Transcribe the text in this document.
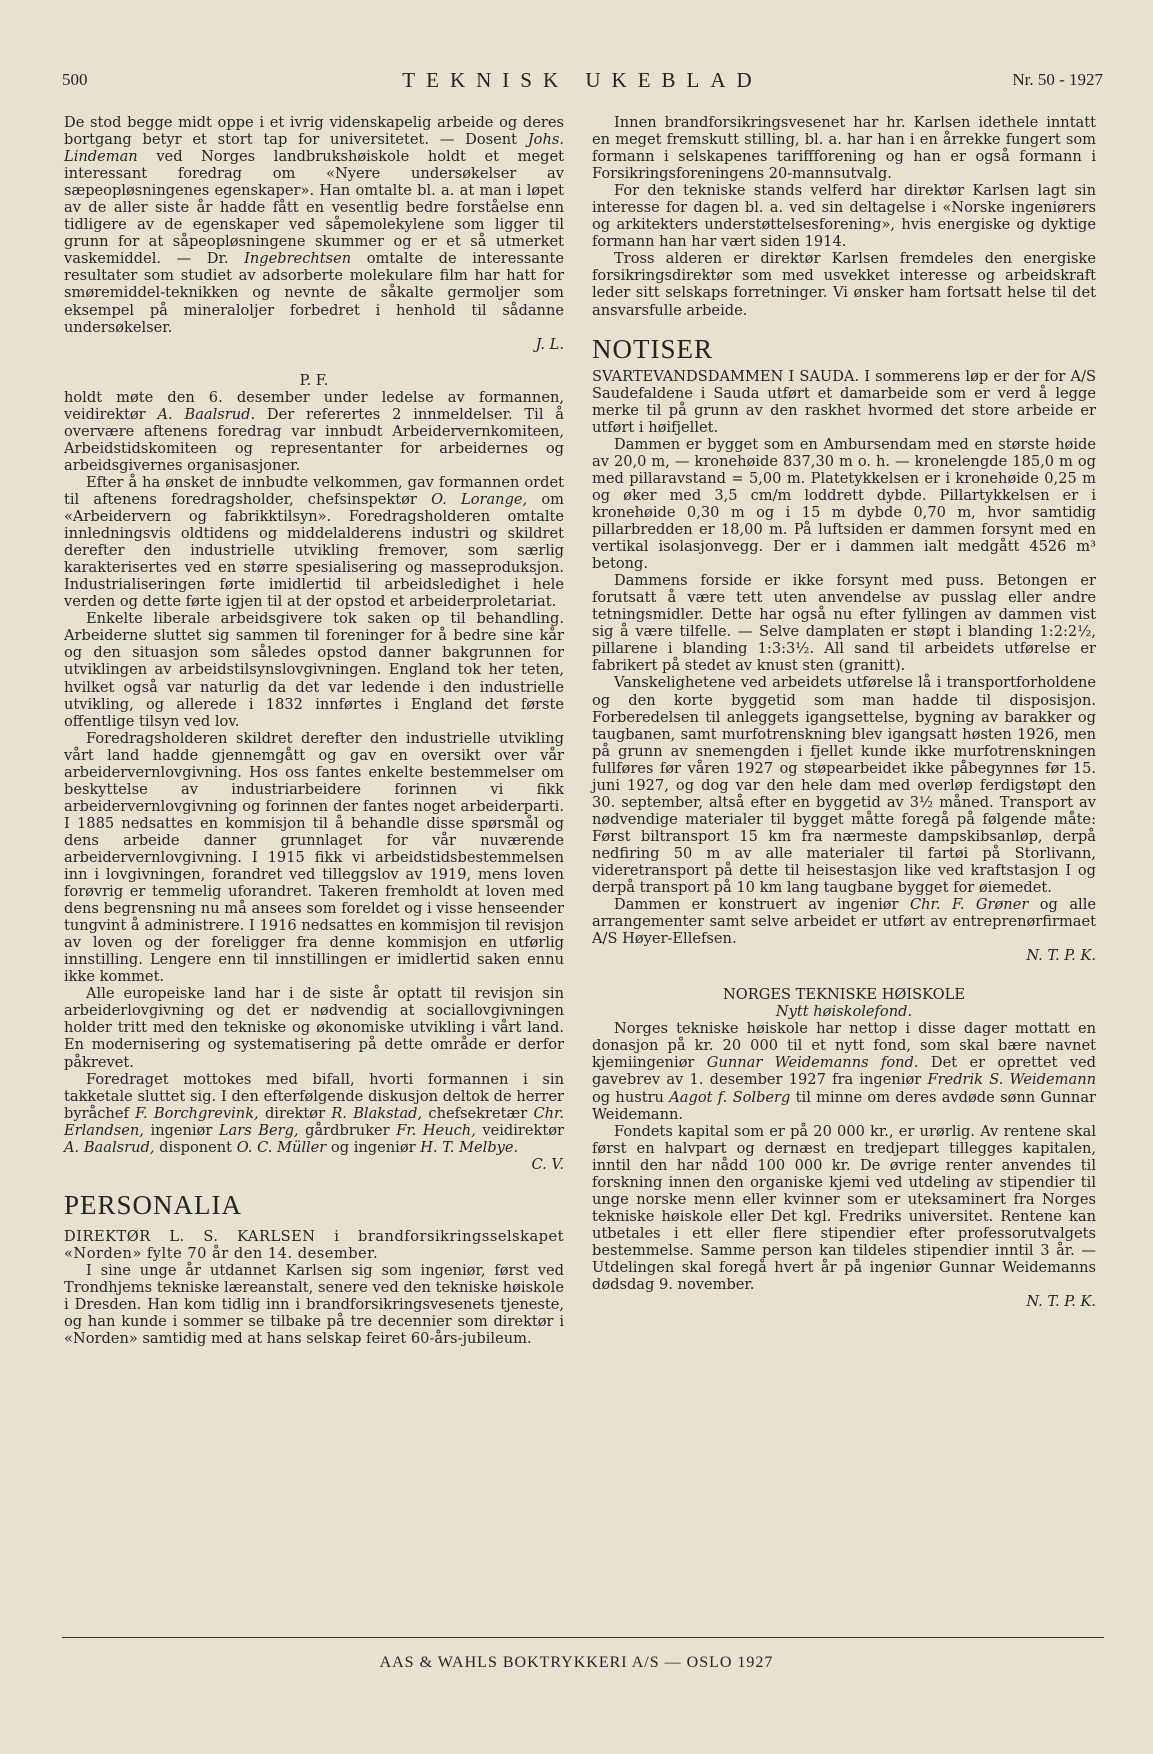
500	TEKNISK UKEBLAD	Nr. 50 - 1927

De stod begge midt oppe i et ivrig videnskapelig arbeide og deres bortgang betyr et stort tap for universitetet. — Dosent Johs. Lindeman ved Norges landbrukshøiskole holdt et meget interessant foredrag om «Nyere undersøkelser av sæpeopløsningenes egenskaper». Han omtalte bl. a. at man i løpet av de aller siste år hadde fått en vesentlig bedre forståelse enn tidligere av de egenskaper ved såpemolekylene som ligger til grunn for at såpeopløsningene skummer og er et så utmerket vaskemiddel. — Dr. Ingebrechtsen omtalte de interessante resultater som studiet av adsorberte molekulare film har hatt for smøremiddel-teknikken og nevnte de såkalte germoljer som eksempel på mineraloljer forbedret i henhold til sådanne undersøkelser.
J. L.

P. F.

holdt møte den 6. desember under ledelse av formannen, veidirektør A. Baalsrud. Der referertes 2 innmeldelser. Til å overvære aftenens foredrag var innbudt Arbeidervernkomiteen, Arbeidstidskomiteen og representanter for arbeidernes og arbeidsgivernes organisasjoner.

Efter å ha ønsket de innbudte velkommen, gav formannen ordet til aftenens foredragsholder, chefsinspektør O. Lorange, om «Arbeidervern og fabrikktilsyn». Foredragsholderen omtalte innledningsvis oldtidens og middelalderens industri og skildret derefter den industrielle utvikling fremover, som særlig karakterisertes ved en større spesialisering og masseproduksjon. Industrialiseringen førte imidlertid til arbeidsledighet i hele verden og dette førte igjen til at der opstod et arbeiderproletariat.

Enkelte liberale arbeidsgivere tok saken op til behandling. Arbeiderne sluttet sig sammen til foreninger for å bedre sine kår og den situasjon som således opstod danner bakgrunnen for utviklingen av arbeidstilsynslovgivningen. England tok her teten, hvilket også var naturlig da det var ledende i den industrielle utvikling, og allerede i 1832 innførtes i England det første offentlige tilsyn ved lov.

Foredragsholderen skildret derefter den industrielle utvikling vårt land hadde gjennemgått og gav en oversikt over vår arbeidervernlovgivning. Hos oss fantes enkelte bestemmelser om beskyttelse av industriarbeidere forinnen vi fikk arbeidervernlovgivning og forinnen der fantes noget arbeiderparti. I 1885 nedsattes en kommisjon til å behandle disse spørsmål og dens arbeide danner grunnlaget for vår nuværende arbeidervernlovgivning. I 1915 fikk vi arbeidstidsbestemmelsen inn i lovgivningen, forandret ved tilleggslov av 1919, mens loven forøvrig er temmelig uforandret. Takeren fremholdt at loven med dens begrensning nu må ansees som foreldet og i visse henseender tungvint å administrere. I 1916 nedsattes en kommisjon til revisjon av loven og der foreligger fra denne kommisjon en utførlig innstilling. Lengere enn til innstillingen er imidlertid saken ennu ikke kommet.

Alle europeiske land har i de siste år optatt til revisjon sin arbeiderlovgivning og det er nødvendig at sociallovgivningen holder tritt med den tekniske og økonomiske utvikling i vårt land. En modernisering og systematisering på dette område er derfor påkrevet.

Foredraget mottokes med bifall, hvorti formannen i sin takketale sluttet sig. I den efterfølgende diskusjon deltok de herrer byråchef F. Borchgrevink, direktør R. Blakstad, chefsekretær Chr. Erlandsen, ingeniør Lars Berg, gårdbruker Fr. Heuch, veidirektør A. Baalsrud, disponent O. C. Müller og ingeniør H. T. Melbye.
C. V.

PERSONALIA

DIREKTØR L. S. KARLSEN i brandforsikringsselskapet «Norden» fylte 70 år den 14. desember.

I sine unge år utdannet Karlsen sig som ingeniør, først ved Trondhjems tekniske læreanstalt, senere ved den tekniske høiskole i Dresden. Han kom tidlig inn i brandforsikringsvesenets tjeneste, og han kunde i sommer se tilbake på tre decennier som direktør i «Norden» samtidig med at hans selskap feiret 60-års-jubileum.

Innen brandforsikringsvesenet har hr. Karlsen idethele inntatt en meget fremskutt stilling, bl. a. har han i en årrekke fungert som formann i selskapenes tariffforening og han er også formann i Forsikringsforeningens 20-mannsutvalg.

For den tekniske stands velferd har direktør Karlsen lagt sin interesse for dagen bl. a. ved sin deltagelse i «Norske ingeniørers og arkitekters understøttelsesforening», hvis energiske og dyktige formann han har vært siden 1914.

Tross alderen er direktør Karlsen fremdeles den energiske forsikringsdirektør som med usvekket interesse og arbeidskraft leder sitt selskaps forretninger. Vi ønsker ham fortsatt helse til det ansvarsfulle arbeide.

NOTISER

SVARTEVANDSDAMMEN I SAUDA. I sommerens løp er der for A/S Saudefaldene i Sauda utført et damarbeide som er verd å legge merke til på grunn av den raskhet hvormed det store arbeide er utført i høifjellet.

Dammen er bygget som en Ambursendam med en største høide av 20,0 m, — kronehøide 837,30 m o. h. — kronelengde 185,0 m og med pillaravstand = 5,00 m. Platetykkelsen er i kronehøide 0,25 m og øker med 3,5 cm/m loddrett dybde. Pillartykkelsen er i kronehøide 0,30 m og i 15 m dybde 0,70 m, hvor samtidig pillarbredden er 18,00 m. På luftsiden er dammen forsynt med en vertikal isolasjonvegg. Der er i dammen ialt medgått 4526 m³ betong.

Dammens forside er ikke forsynt med puss. Betongen er forutsatt å være tett uten anvendelse av pusslag eller andre tetningsmidler. Dette har også nu efter fyllingen av dammen vist sig å være tilfelle. — Selve damplaten er støpt i blanding 1:2:2½, pillarene i blanding 1:3:3½. All sand til arbeidets utførelse er fabrikert på stedet av knust sten (granitt).

Vanskelighetene ved arbeidets utførelse lå i transportforholdene og den korte byggetid som man hadde til disposisjon. Forberedelsen til anleggets igangsettelse, bygning av barakker og taugbanen, samt murfotrenskning blev igangsatt høsten 1926, men på grunn av snemengden i fjellet kunde ikke murfotrenskningen fullføres før våren 1927 og støpearbeidet ikke påbegynnes før 15. juni 1927, og dog var den hele dam med overløp ferdigstøpt den 30. september, altså efter en byggetid av 3½ måned. Transport av nødvendige materialer til bygget måtte foregå på følgende måte: Først biltransport 15 km fra nærmeste dampskibsanløp, derpå nedfiring 50 m av alle materialer til fartøi på Storlivann, videretransport på dette til heisestasjon like ved kraftstasjon I og derpå transport på 10 km lang taugbane bygget for øiemedet.

Dammen er konstruert av ingeniør Chr. F. Grøner og alle arrangementer samt selve arbeidet er utført av entreprenørfirmaet A/S Høyer-Ellefsen.
N. T. P. K.

NORGES TEKNISKE HØISKOLE

Nytt høiskolefond.

Norges tekniske høiskole har nettop i disse dager mottatt en donasjon på kr. 20 000 til et nytt fond, som skal bære navnet kjemiingeniør Gunnar Weidemanns fond. Det er oprettet ved gavebrev av 1. desember 1927 fra ingeniør Fredrik S. Weidemann og hustru Aagot f. Solberg til minne om deres avdøde sønn Gunnar Weidemann.

Fondets kapital som er på 20 000 kr., er urørlig. Av rentene skal først en halvpart og dernæst en tredjepart tillegges kapitalen, inntil den har nådd 100 000 kr. De øvrige renter anvendes til forskning innen den organiske kjemi ved utdeling av stipendier til unge norske menn eller kvinner som er uteksaminert fra Norges tekniske høiskole eller Det kgl. Fredriks universitet. Rentene kan utbetales i ett eller flere stipendier efter professorutvalgets bestemmelse. Samme person kan tildeles stipendier inntil 3 år. — Utdelingen skal foregå hvert år på ingeniør Gunnar Weidemanns dødsdag 9. november.
N. T. P. K.

AAS & WAHLS BOKTRYKKERI A/S — OSLO 1927
